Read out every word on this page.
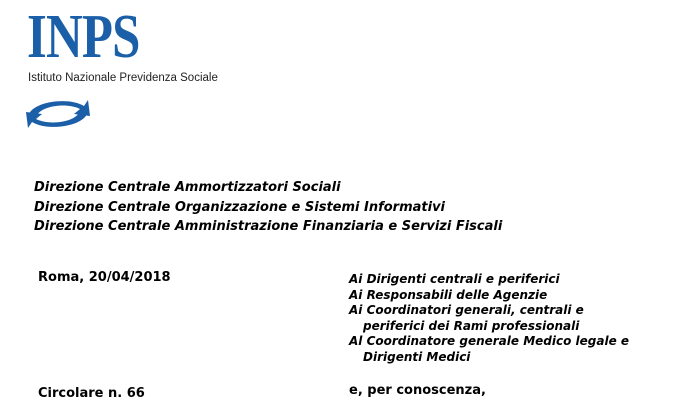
INPS
Istituto Nazionale Previdenza Sociale
Direzione Centrale Ammortizzatori Sociali
Direzione Centrale Organizzazione e Sistemi Informativi
Direzione Centrale Amministrazione Finanziaria e Servizi Fiscali
Roma, 20/04/2018	Ai Dirigenti centrali e periferici
Ai Responsabili delle Agenzie
Ai Coordinatori generali, centrali e
periferici dei Rami professionali
Al Coordinatore generale Medico legale e
Dirigenti Medici
Circolare n. 66	e, per conoscenza,
